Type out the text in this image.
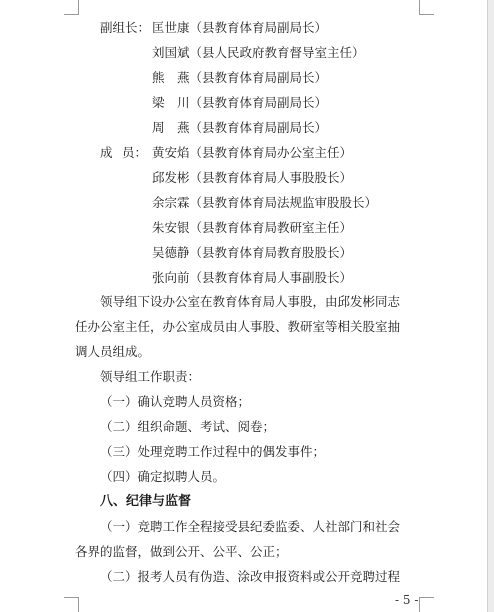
副组长： 匡世康（县教育体育局副局长）
刘国斌（县人民政府教育督导室主任）
熊　燕（县教育体育局副局长）
梁　川（县教育体育局副局长）
周　燕（县教育体育局副局长）
成 员： 黄安焰（县教育体育局办公室主任）
邱发彬（县教育体育局人事股股长）
余宗霖（县教育体育局法规监审股股长）
朱安银（县教育体育局教研室主任）
吴德静（县教育体育局教育股股长）
张向前（县教育体育局人事副股长）
领导组下设办公室在教育体育局人事股，由邱发彬同志
任办公室主任，办公室成员由人事股、教研室等相关股室抽
调人员组成。
领导组工作职责：
（一）确认竞聘人员资格；
（二）组织命题、考试、阅卷；
（三）处理竞聘工作过程中的偶发事件；
（四）确定拟聘人员。
八、纪律与监督
（一）竞聘工作全程接受县纪委监委、人社部门和社会
各界的监督，做到公开、公平、公正；
（二）报考人员有伪造、涂改申报资料或公开竞聘过程
- 5 -
